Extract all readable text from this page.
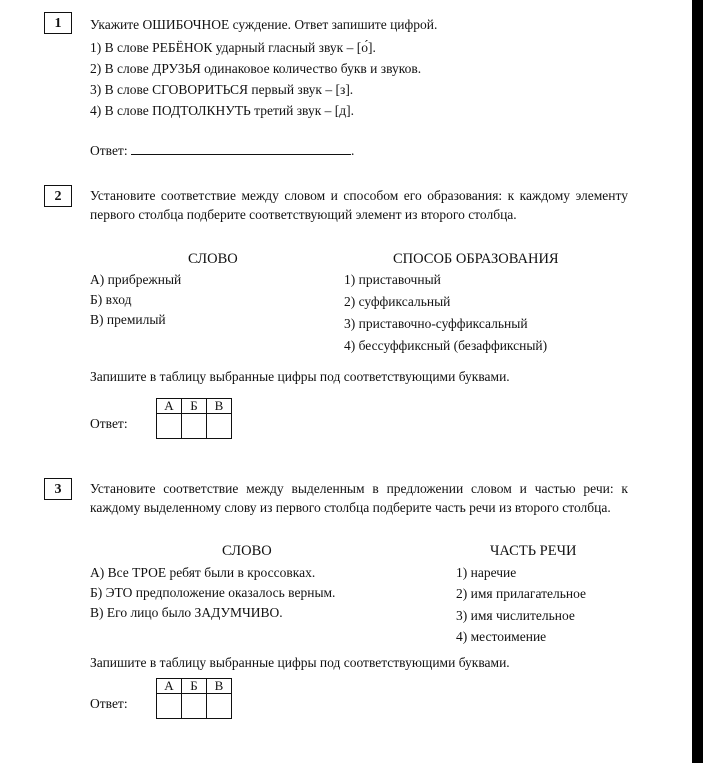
1	Укажите ОШИБОЧНОЕ суждение. Ответ запишите цифрой.
1) В слове РЕБЁНОК ударный гласный звук – [о́].
2) В слове ДРУЗЬЯ одинаковое количество букв и звуков.
3) В слове СГОВОРИТЬСЯ первый звук – [з].
4) В слове ПОДТОЛКНУТЬ третий звук – [д].
Ответ:	.
2	Установите соответствие между словом и способом его образования: к каждому элементу первого столбца подберите соответствующий элемент из второго столбца.
СЛОВО	СПОСОБ ОБРАЗОВАНИЯ
А) прибрежный
Б) вход
В) премилый
1) приставочный
2) суффиксальный
3) приставочно-суффиксальный
4) бессуффиксный (безаффиксный)
Запишите в таблицу выбранные цифры под соответствующими буквами.
Ответ:
А	Б	В

3	Установите соответствие между выделенным в предложении словом и частью речи: к каждому выделенному слову из первого столбца подберите часть речи из второго столбца.
СЛОВО	ЧАСТЬ РЕЧИ
А) Все ТРОЕ ребят были в кроссовках.
Б) ЭТО предположение оказалось верным.
В) Его лицо было ЗАДУМЧИВО.
1) наречие
2) имя прилагательное
3) имя числительное
4) местоимение
Запишите в таблицу выбранные цифры под соответствующими буквами.
Ответ:
А	Б	В
